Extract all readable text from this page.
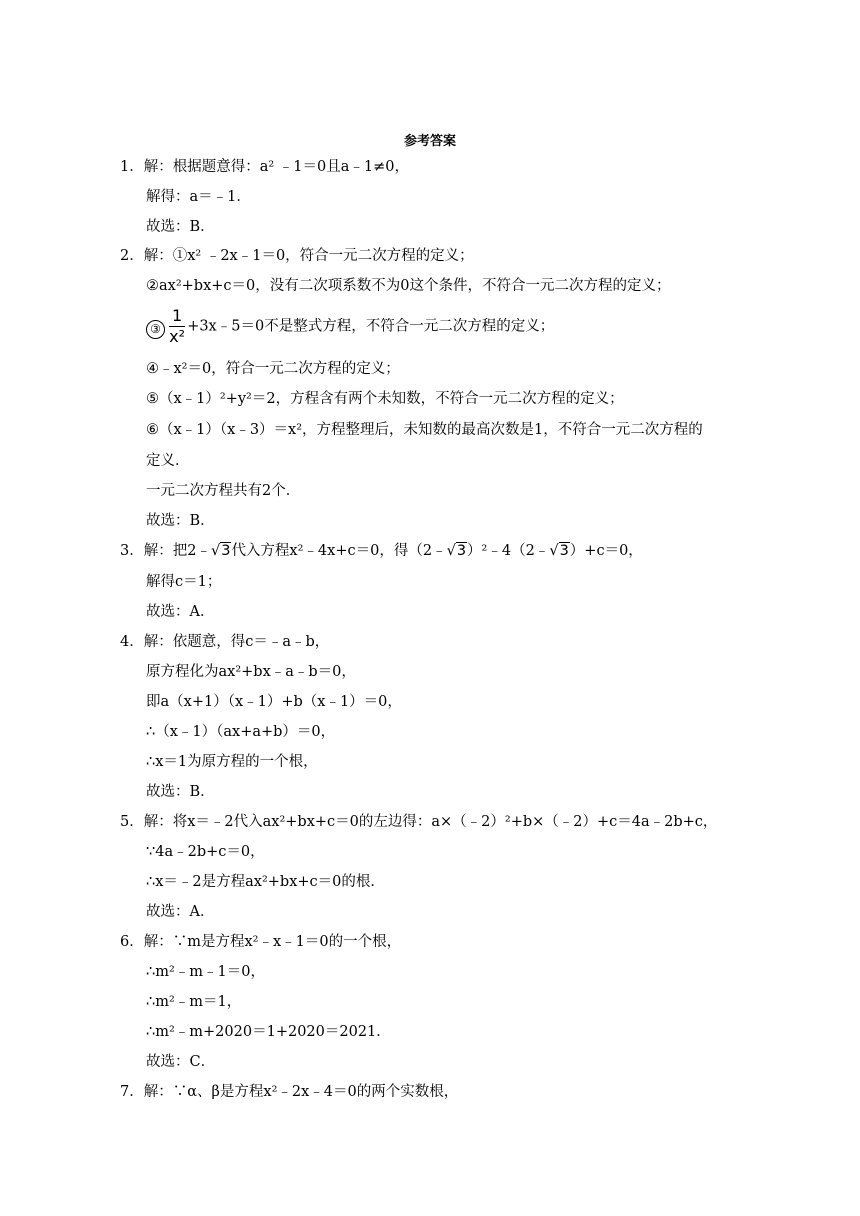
参考答案
1．解：根据题意得：a² ﹣1＝0且a﹣1≠0，
解得：a＝﹣1．
故选：B．
2．解：①x² ﹣2x﹣1＝0，符合一元二次方程的定义；
②ax²+bx+c＝0，没有二次项系数不为0这个条件，不符合一元二次方程的定义；
③ $\frac{1}{\text{x²}}$ +3x﹣5＝0不是整式方程，不符合一元二次方程的定义；
④﹣x²＝0，符合一元二次方程的定义；
⑤（x﹣1）²+y²＝2，方程含有两个未知数，不符合一元二次方程的定义；
⑥（x﹣1）（x﹣3）＝x²，方程整理后，未知数的最高次数是1，不符合一元二次方程的
定义．
一元二次方程共有2个．
故选：B．
3．解：把2﹣√3代入方程x²﹣4x+c＝0，得（2﹣√3）²﹣4（2﹣√3）+c＝0，
解得c＝1；
故选：A．
4．解：依题意，得c＝﹣a﹣b，
原方程化为ax²+bx﹣a﹣b＝0，
即a（x+1）（x﹣1）+b（x﹣1）＝0，
∴（x﹣1）（ax+a+b）＝0，
∴x＝1为原方程的一个根，
故选：B．
5．解：将x＝﹣2代入ax²+bx+c＝0的左边得：a×（﹣2）²+b×（﹣2）+c＝4a﹣2b+c，
∵4a﹣2b+c＝0，
∴x＝﹣2是方程ax²+bx+c＝0的根．
故选：A．
6．解：∵m是方程x²﹣x﹣1＝0的一个根，
∴m²﹣m﹣1＝0，
∴m²﹣m＝1，
∴m²﹣m+2020＝1+2020＝2021．
故选：C．
7．解：∵α、β是方程x²﹣2x﹣4＝0的两个实数根，
